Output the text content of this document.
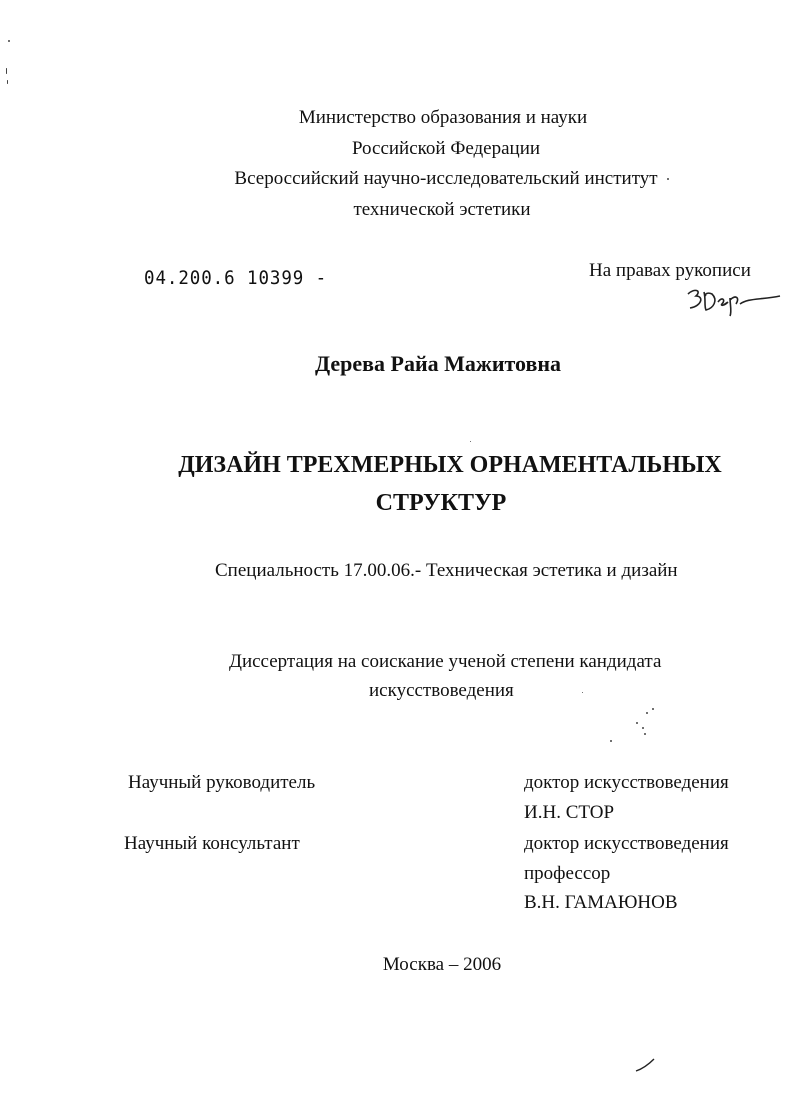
Министерство образования и науки
Российской Федерации
Всероссийский научно-исследовательский институт
технической эстетики
04.200.6 10399 -	На правах рукописи
Дерева Райа Мажитовна
ДИЗАЙН ТРЕХМЕРНЫХ ОРНАМЕНТАЛЬНЫХ
СТРУКТУР
Специальность 17.00.06.- Техническая эстетика и дизайн
Диссертация на соискание ученой степени кандидата
искусствоведения
Научный руководитель	доктор искусствоведения
И.Н. СТОР
Научный консультант	доктор искусствоведения
профессор
В.Н. ГАМАЮНОВ
Москва – 2006
